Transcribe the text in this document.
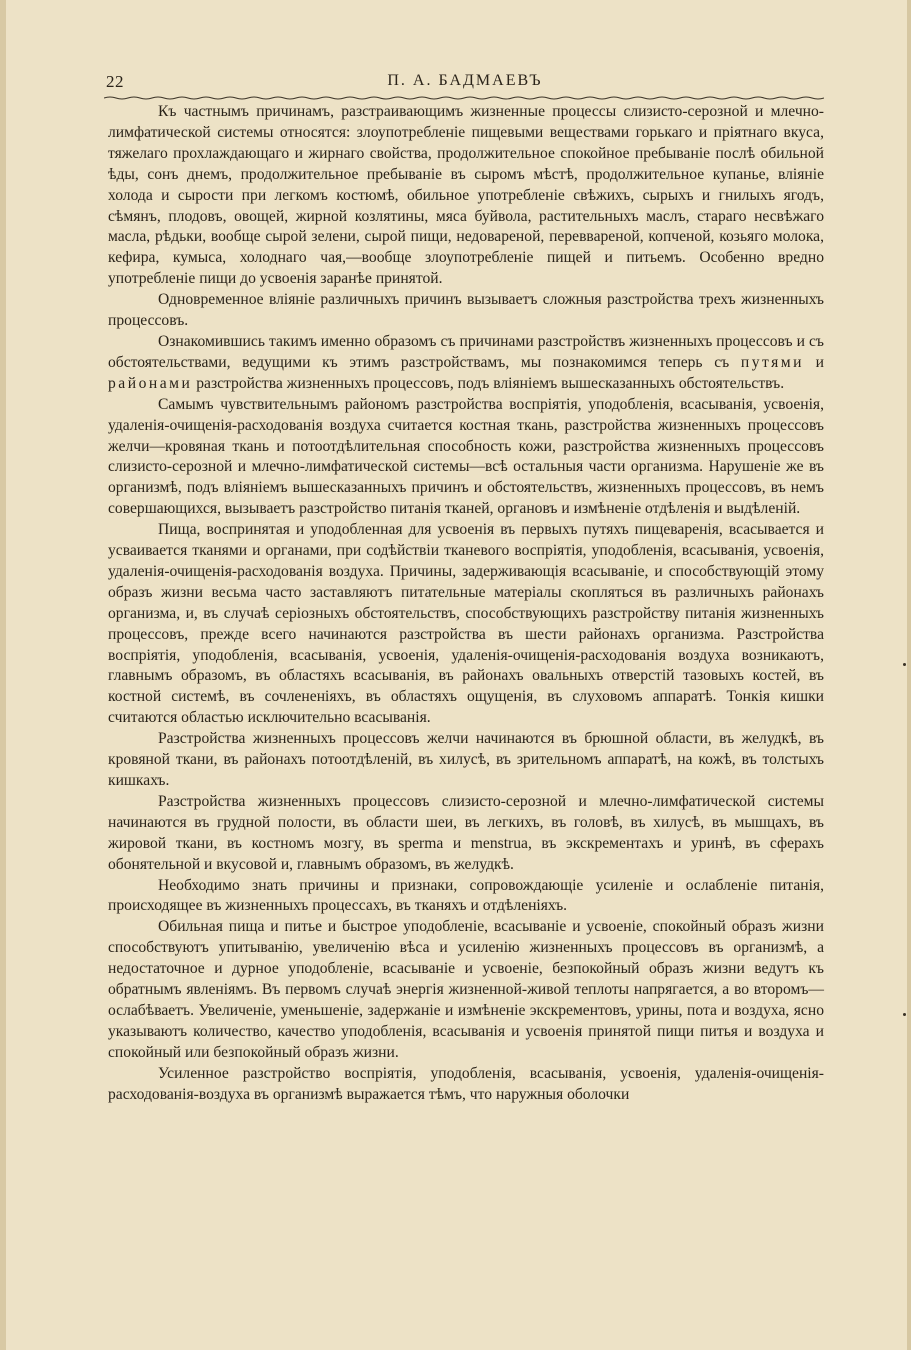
22	П. А. БАДМАЕВЪ

Къ частнымъ причинамъ, разстраивающимъ жизненные процессы слизисто-серозной и млечно-лимфатической системы относятся: злоупотребленіе пищевыми веществами горькаго и пріятнаго вкуса, тяжелаго прохлаждающаго и жирнаго свойства, продолжительное спокойное пребываніе послѣ обильной ѣды, сонъ днемъ, продолжительное пребываніе въ сыромъ мѣстѣ, продолжительное купанье, вліяніе холода и сырости при легкомъ костюмѣ, обильное употребленіе свѣжихъ, сырыхъ и гнилыхъ ягодъ, сѣмянъ, плодовъ, овощей, жирной козлятины, мяса буйвола, растительныхъ маслъ, стараго несвѣжаго масла, рѣдьки, вообще сырой зелени, сырой пищи, недовареной, переввареной, копченой, козьяго молока, кефира, кумыса, холоднаго чая,—вообще злоупотребленіе пищей и питьемъ. Особенно вредно употребленіе пищи до усвоенія заранѣе принятой.

Одновременное вліяніе различныхъ причинъ вызываетъ сложныя разстройства трехъ жизненныхъ процессовъ.

Ознакомившись такимъ именно образомъ съ причинами разстройствъ жизненныхъ процессовъ и съ обстоятельствами, ведущими къ этимъ разстройствамъ, мы познакомимся теперь съ путями и районами разстройства жизненныхъ процессовъ, подъ вліяніемъ вышесказанныхъ обстоятельствъ.

Самымъ чувствительнымъ райономъ разстройства воспріятія, уподобленія, всасыванія, усвоенія, удаленія-очищенія-расходованія воздуха считается костная ткань, разстройства жизненныхъ процессовъ желчи—кровяная ткань и потоотдѣлительная способность кожи, разстройства жизненныхъ процессовъ слизисто-серозной и млечно-лимфатической системы—всѣ остальныя части организма. Нарушеніе же въ организмѣ, подъ вліяніемъ вышесказанныхъ причинъ и обстоятельствъ, жизненныхъ процессовъ, въ немъ совершающихся, вызываетъ разстройство питанія тканей, органовъ и измѣненіе отдѣленія и выдѣленій.

Пища, воспринятая и уподобленная для усвоенія въ первыхъ путяхъ пищеваренія, всасывается и усваивается тканями и органами, при содѣйствіи тканевого воспріятія, уподобленія, всасыванія, усвоенія, удаленія-очищенія-расходованія воздуха. Причины, задерживающія всасываніе, и способствующій этому образъ жизни весьма часто заставляютъ питательные матеріалы скопляться въ различныхъ районахъ организма, и, въ случаѣ серіозныхъ обстоятельствъ, способствующихъ разстройству питанія жизненныхъ процессовъ, прежде всего начинаются разстройства въ шести районахъ организма. Разстройства воспріятія, уподобленія, всасыванія, усвоенія, удаленія-очищенія-расходованія воздуха возникаютъ, главнымъ образомъ, въ областяхъ всасыванія, въ районахъ овальныхъ отверстій тазовыхъ костей, въ костной системѣ, въ сочлененіяхъ, въ областяхъ ощущенія, въ слуховомъ аппаратѣ. Тонкія кишки считаются областью исключительно всасыванія.

Разстройства жизненныхъ процессовъ желчи начинаются въ брюшной области, въ желудкѣ, въ кровяной ткани, въ районахъ потоотдѣленій, въ хилусѣ, въ зрительномъ аппаратѣ, на кожѣ, въ толстыхъ кишкахъ.

Разстройства жизненныхъ процессовъ слизисто-серозной и млечно-лимфатической системы начинаются въ грудной полости, въ области шеи, въ легкихъ, въ головѣ, въ хилусѣ, въ мышцахъ, въ жировой ткани, въ костномъ мозгу, въ sperma и menstrua, въ экскрементахъ и уринѣ, въ сферахъ обонятельной и вкусовой и, главнымъ образомъ, въ желудкѣ.

Необходимо знать причины и признаки, сопровождающіе усиленіе и ослабленіе питанія, происходящее въ жизненныхъ процессахъ, въ тканяхъ и отдѣленіяхъ.

Обильная пища и питье и быстрое уподобленіе, всасываніе и усвоеніе, спокойный образъ жизни способствуютъ упитыванію, увеличенію вѣса и усиленію жизненныхъ процессовъ въ организмѣ, а недостаточное и дурное уподобленіе, всасываніе и усвоеніе, безпокойный образъ жизни ведутъ къ обратнымъ явленіямъ. Въ первомъ случаѣ энергія жизненной-живой теплоты напрягается, а во второмъ—ослабѣваетъ. Увеличеніе, уменьшеніе, задержаніе и измѣненіе экскрементовъ, урины, пота и воздуха, ясно указываютъ количество, качество уподобленія, всасыванія и усвоенія принятой пищи питья и воздуха и спокойный или безпокойный образъ жизни.

Усиленное разстройство воспріятія, уподобленія, всасыванія, усвоенія, удаленія-очищенія-расходованія-воздуха въ организмѣ выражается тѣмъ, что наружныя оболочки
